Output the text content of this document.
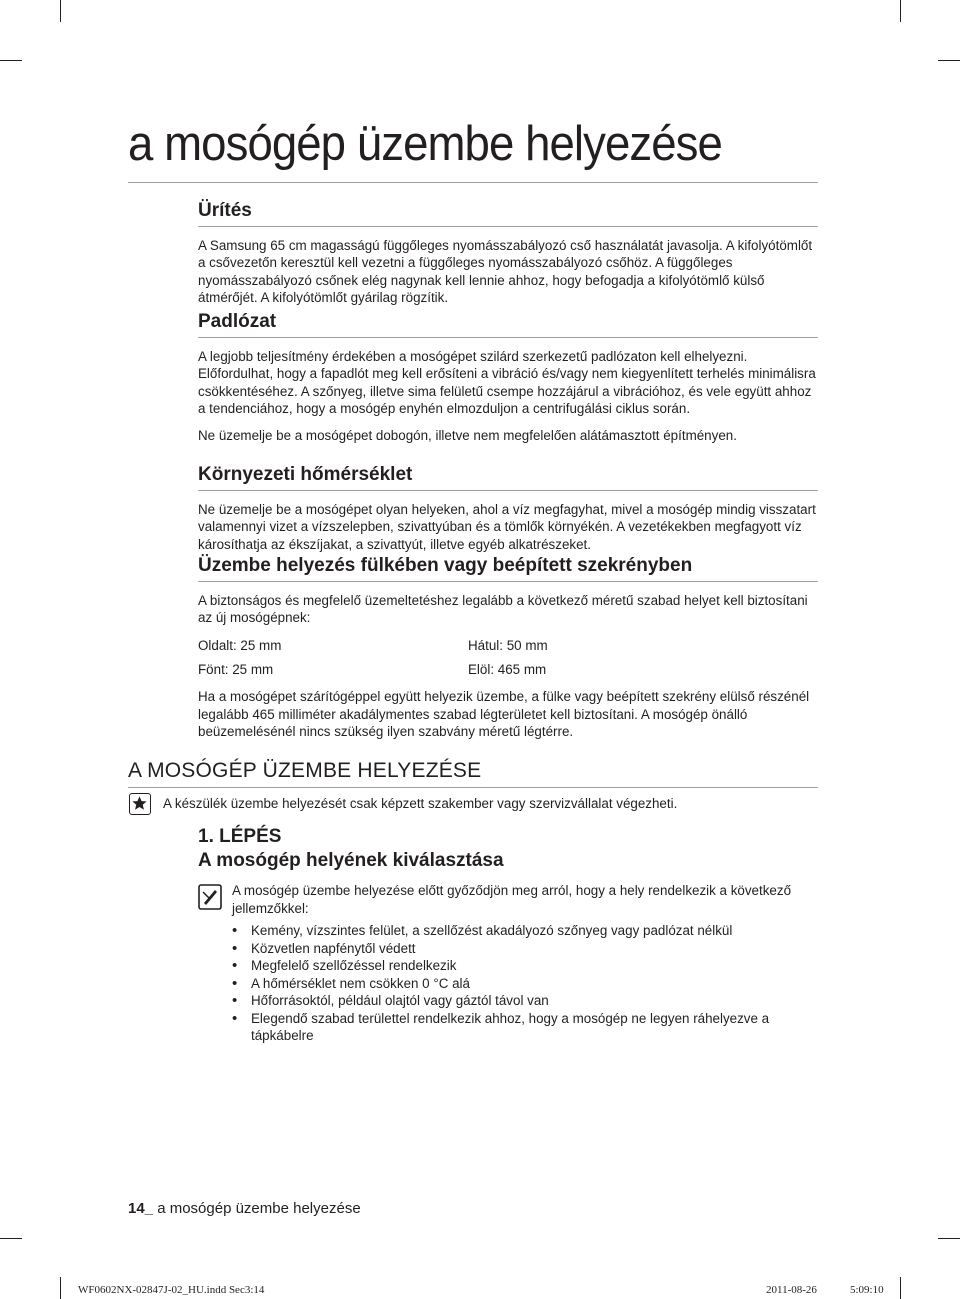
a mosógép üzembe helyezése
Ürítés

A Samsung 65 cm magasságú függőleges nyomásszabályozó cső használatát javasolja. A kifolyótömlőt a csővezetőn keresztül kell vezetni a függőleges nyomásszabályozó csőhöz. A függőleges nyomásszabályozó csőnek elég nagynak kell lennie ahhoz, hogy befogadja a kifolyótömlő külső átmérőjét. A kifolyótömlőt gyárilag rögzítik.

Padlózat

A legjobb teljesítmény érdekében a mosógépet szilárd szerkezetű padlózaton kell elhelyezni. Előfordulhat, hogy a fapadlót meg kell erősíteni a vibráció és/vagy nem kiegyenlített terhelés minimálisra csökkentéséhez. A szőnyeg, illetve sima felületű csempe hozzájárul a vibrációhoz, és vele együtt ahhoz a tendenciához, hogy a mosógép enyhén elmozduljon a centrifugálási ciklus során.

Ne üzemelje be a mosógépet dobogón, illetve nem megfelelően alátámasztott építményen.

Környezeti hőmérséklet

Ne üzemelje be a mosógépet olyan helyeken, ahol a víz megfagyhat, mivel a mosógép mindig visszatart valamennyi vizet a vízszelepben, szivattyúban és a tömlők környékén. A vezetékekben megfagyott víz károsíthatja az ékszíjakat, a szivattyút, illetve egyéb alkatrészeket.

Üzembe helyezés fülkében vagy beépített szekrényben

A biztonságos és megfelelő üzemeltetéshez legalább a következő méretű szabad helyet kell biztosítani az új mosógépnek:

Oldalt: 25 mm	Hátul: 50 mm
Fönt: 25 mm	Elöl: 465 mm

Ha a mosógépet szárítógéppel együtt helyezik üzembe, a fülke vagy beépített szekrény elülső részénél legalább 465 milliméter akadálymentes szabad légterületet kell biztosítani. A mosógép önálló beüzemelésénél nincs szükség ilyen szabvány méretű légtérre.

A MOSÓGÉP ÜZEMBE HELYEZÉSE
A készülék üzembe helyezését csak képzett szakember vagy szervizvállalat végezheti.
1. LÉPÉS
A mosógép helyének kiválasztása

A mosógép üzembe helyezése előtt győződjön meg arról, hogy a hely rendelkezik a következő jellemzőkkel:

• Kemény, vízszintes felület, a szellőzést akadályozó szőnyeg vagy padlózat nélkül
• Közvetlen napfénytől védett
• Megfelelő szellőzéssel rendelkezik
• A hőmérséklet nem csökken 0 °C alá
• Hőforrásoktól, például olajtól vagy gáztól távol van
• Elegendő szabad területtel rendelkezik ahhoz, hogy a mosógép ne legyen ráhelyezve a tápkábelre
14_ a mosógép üzembe helyezése
WF0602NX-02847J-02_HU.indd Sec3:14	2011-08-26	5:09:10
